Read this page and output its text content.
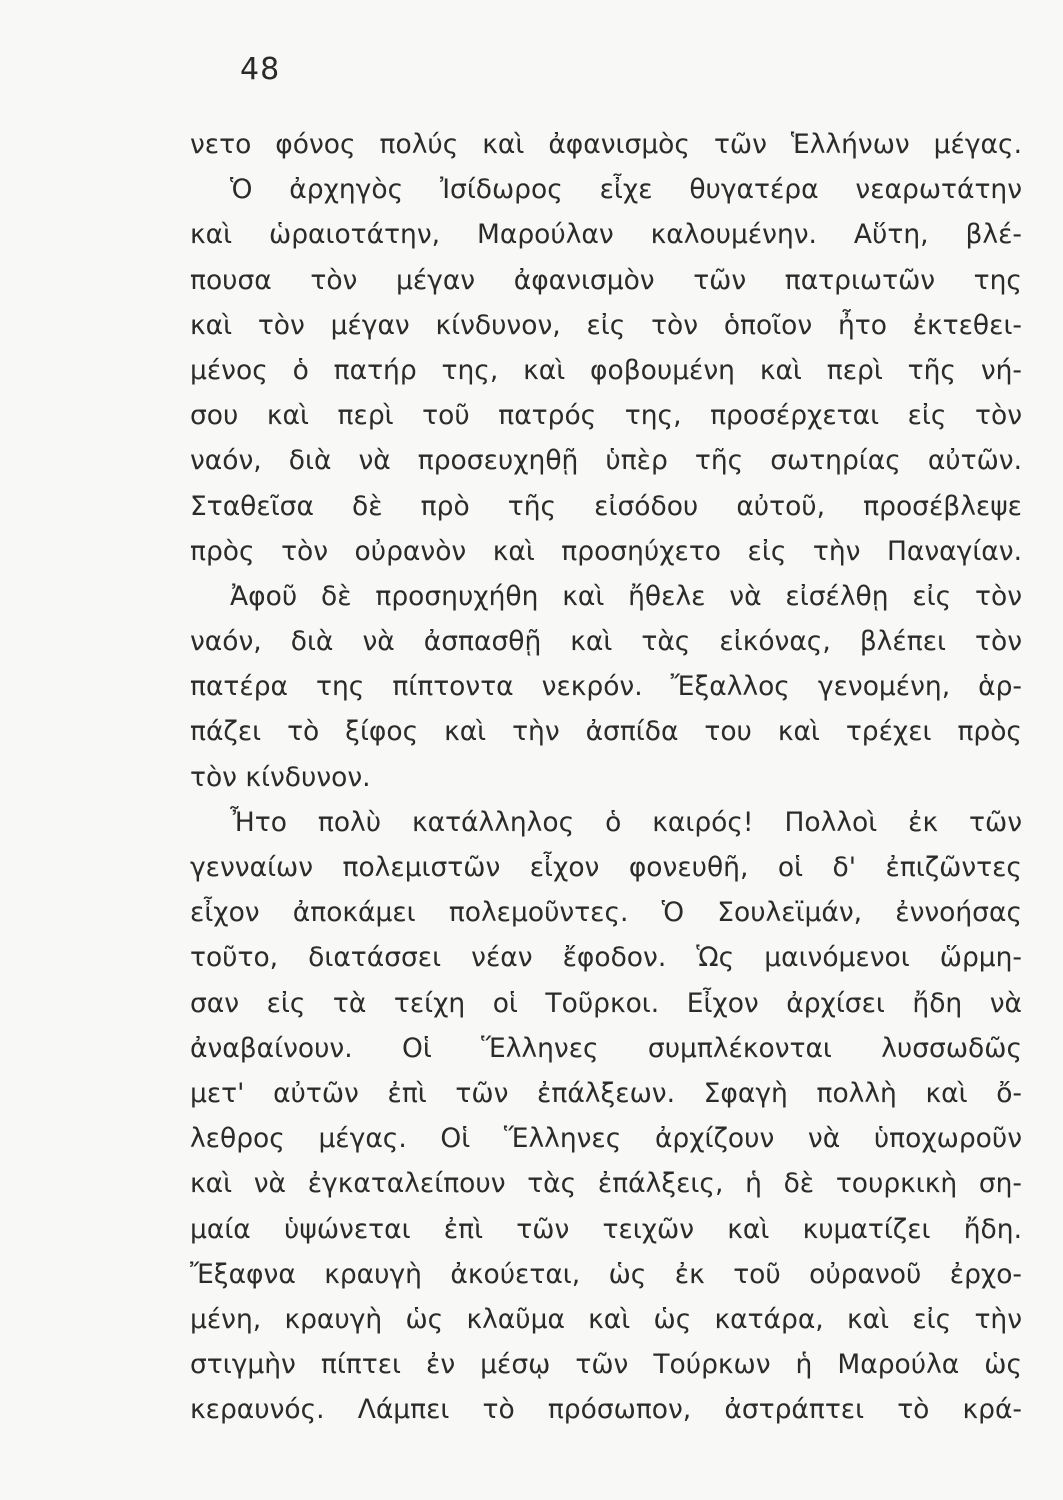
48
νετο φόνος πολύς καὶ ἀφανισμὸς τῶν Ἑλλήνων μέγας.
Ὁ ἀρχηγὸς Ἰσίδωρος εἶχε θυγατέρα νεαρωτάτην
καὶ ὡραιοτάτην, Μαρούλαν καλουμένην. Αὕτη, βλέ-
πουσα τὸν μέγαν ἀφανισμὸν τῶν πατριωτῶν της
καὶ τὸν μέγαν κίνδυνον, εἰς τὸν ὁποῖον ἦτο ἐκτεθει-
μένος ὁ πατήρ της, καὶ φοβουμένη καὶ περὶ τῆς νή-
σου καὶ περὶ τοῦ πατρός της, προσέρχεται εἰς τὸν
ναόν, διὰ νὰ προσευχηθῇ ὑπὲρ τῆς σωτηρίας αὐτῶν.
Σταθεῖσα δὲ πρὸ τῆς εἰσόδου αὐτοῦ, προσέβλεψε
πρὸς τὸν οὐρανὸν καὶ προσηύχετο εἰς τὴν Παναγίαν.
Ἀφοῦ δὲ προσηυχήθη καὶ ἤθελε νὰ εἰσέλθῃ εἰς τὸν
ναόν, διὰ νὰ ἀσπασθῇ καὶ τὰς εἰκόνας, βλέπει τὸν
πατέρα της πίπτοντα νεκρόν. Ἔξαλλος γενομένη, ἁρ-
πάζει τὸ ξίφος καὶ τὴν ἀσπίδα του καὶ τρέχει πρὸς
τὸν κίνδυνον.
Ἦτο πολὺ κατάλληλος ὁ καιρός! Πολλοὶ ἐκ τῶν
γενναίων πολεμιστῶν εἶχον φονευθῆ, οἱ δ' ἐπιζῶντες
εἶχον ἀποκάμει πολεμοῦντες. Ὁ Σουλεϊμάν, ἐννοήσας
τοῦτο, διατάσσει νέαν ἔφοδον. Ὡς μαινόμενοι ὥρμη-
σαν εἰς τὰ τείχη οἱ Τοῦρκοι. Εἶχον ἀρχίσει ἤδη νὰ
ἀναβαίνουν. Οἱ Ἕλληνες συμπλέκονται λυσσωδῶς
μετ' αὐτῶν ἐπὶ τῶν ἐπάλξεων. Σφαγὴ πολλὴ καὶ ὄ-
λεθρος μέγας. Οἱ Ἕλληνες ἀρχίζουν νὰ ὑποχωροῦν
καὶ νὰ ἐγκαταλείπουν τὰς ἐπάλξεις, ἡ δὲ τουρκικὴ ση-
μαία ὑψώνεται ἐπὶ τῶν τειχῶν καὶ κυματίζει ἤδη.
Ἔξαφνα κραυγὴ ἀκούεται, ὡς ἐκ τοῦ οὐρανοῦ ἐρχο-
μένη, κραυγὴ ὡς κλαῦμα καὶ ὡς κατάρα, καὶ εἰς τὴν
στιγμὴν πίπτει ἐν μέσῳ τῶν Τούρκων ἡ Μαρούλα ὡς
κεραυνός. Λάμπει τὸ πρόσωπον, ἀστράπτει τὸ κρά-
